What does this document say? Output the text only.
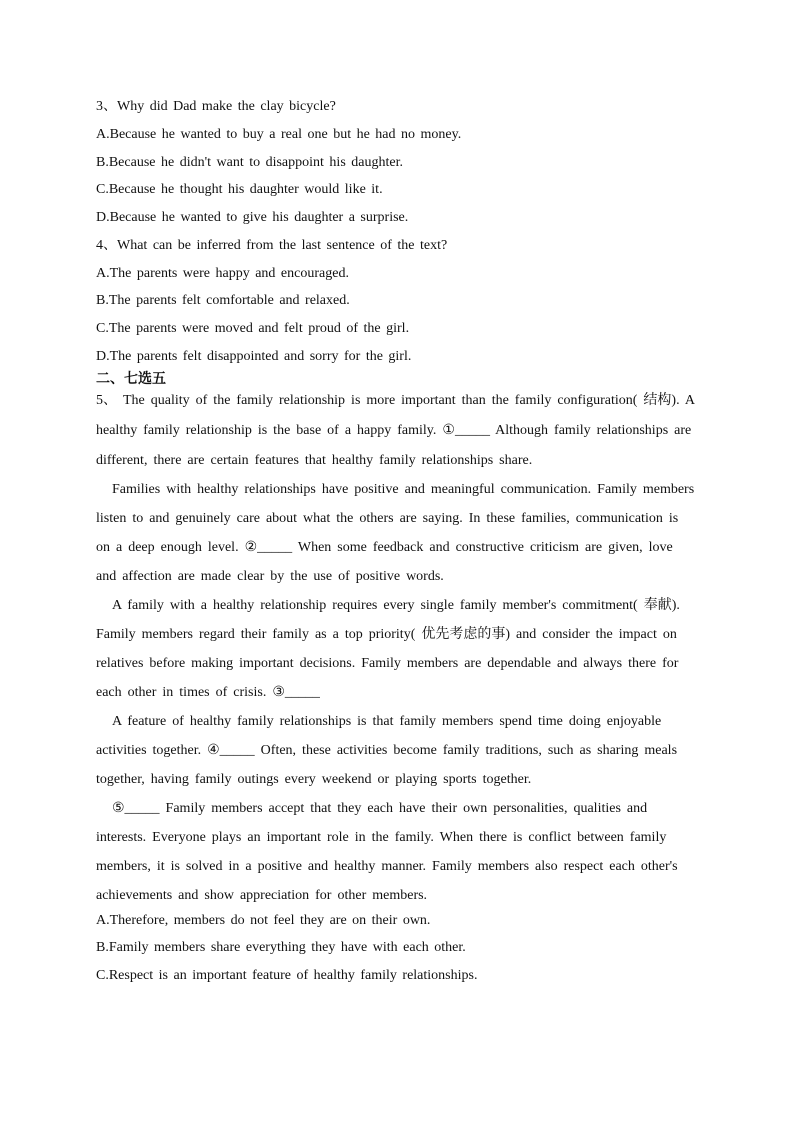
3、Why did Dad make the clay bicycle?
A.Because he wanted to buy a real one but he had no money.
B.Because he didn't want to disappoint his daughter.
C.Because he thought his daughter would like it.
D.Because he wanted to give his daughter a surprise.
4、What can be inferred from the last sentence of the text?
A.The parents were happy and encouraged.
B.The parents felt comfortable and relaxed.
C.The parents were moved and felt proud of the girl.
D.The parents felt disappointed and sorry for the girl.
二、七选五
5、 The quality of the family relationship is more important than the family configuration( 结构). A healthy family relationship is the base of a happy family. ①_____ Although family relationships are different, there are certain features that healthy family relationships share.
Families with healthy relationships have positive and meaningful communication. Family members listen to and genuinely care about what the others are saying. In these families, communication is on a deep enough level. ②_____ When some feedback and constructive criticism are given, love and affection are made clear by the use of positive words.
A family with a healthy relationship requires every single family member's commitment( 奉献). Family members regard their family as a top priority( 优先考虑的事) and consider the impact on relatives before making important decisions. Family members are dependable and always there for each other in times of crisis. ③_____
A feature of healthy family relationships is that family members spend time doing enjoyable activities together. ④_____ Often, these activities become family traditions, such as sharing meals together, having family outings every weekend or playing sports together.
⑤_____ Family members accept that they each have their own personalities, qualities and interests. Everyone plays an important role in the family. When there is conflict between family members, it is solved in a positive and healthy manner. Family members also respect each other's achievements and show appreciation for other members.
A.Therefore, members do not feel they are on their own.
B.Family members share everything they have with each other.
C.Respect is an important feature of healthy family relationships.
